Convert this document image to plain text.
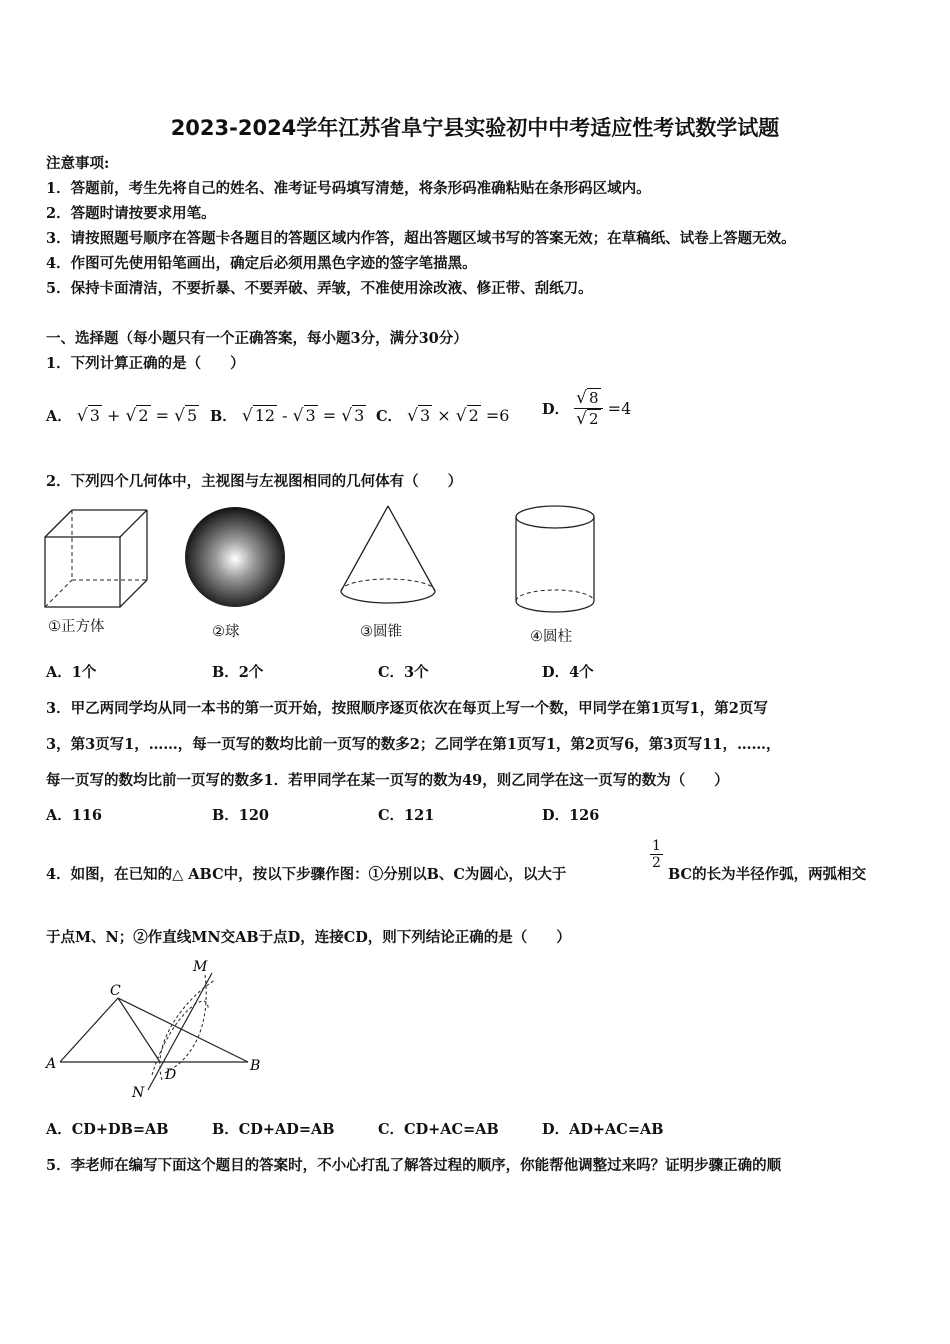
2023-2024学年江苏省阜宁县实验初中中考适应性考试数学试题
注意事项:
1．答题前，考生先将自己的姓名、准考证号码填写清楚，将条形码准确粘贴在条形码区域内。
2．答题时请按要求用笔。
3．请按照题号顺序在答题卡各题目的答题区域内作答，超出答题区域书写的答案无效；在草稿纸、试卷上答题无效。
4．作图可先使用铅笔画出，确定后必须用黑色字迹的签字笔描黑。
5．保持卡面清洁，不要折暴、不要弄破、弄皱，不准使用涂改液、修正带、刮纸刀。
一、选择题（每小题只有一个正确答案，每小题3分，满分30分）
1．下列计算正确的是（　　）
A． √ 3 + √ 2 = √ 5 B． √ 12 - √ 3 = √ 3 C． √ 3 × √ 2 =6 D． $\frac{√ 8}{√ 2} =4$
2．下列四个几何体中，主视图与左视图相同的几何体有（　　）
①正方体	②球	③圆锥	④圆柱
A．1个	B．2个	C．3个	D．4个
3．甲乙两同学均从同一本书的第一页开始，按照顺序逐页依次在每页上写一个数，甲同学在第1页写1，第2页写
3，第3页写1，……，每一页写的数均比前一页写的数多2；乙同学在第1页写1，第2页写6，第3页写11，……，
每一页写的数均比前一页写的数多1．若甲同学在某一页写的数为49，则乙同学在这一页写的数为（　　）
A．116	B．120	C．121	D．126
4．如图，在已知的△ ABC中，按以下步骤作图：①分别以B、C为圆心，以大于
$\frac{1}{2}$
BC的长为半径作弧，两弧相交
于点M、N；②作直线MN交AB于点D，连接CD，则下列结论正确的是（　　）
A	B
C
D
M
N
A．CD+DB=AB	B．CD+AD=AB	C．CD+AC=AB	D．AD+AC=AB
5．李老师在编写下面这个题目的答案时，不小心打乱了解答过程的顺序，你能帮他调整过来吗？证明步骤正确的顺
